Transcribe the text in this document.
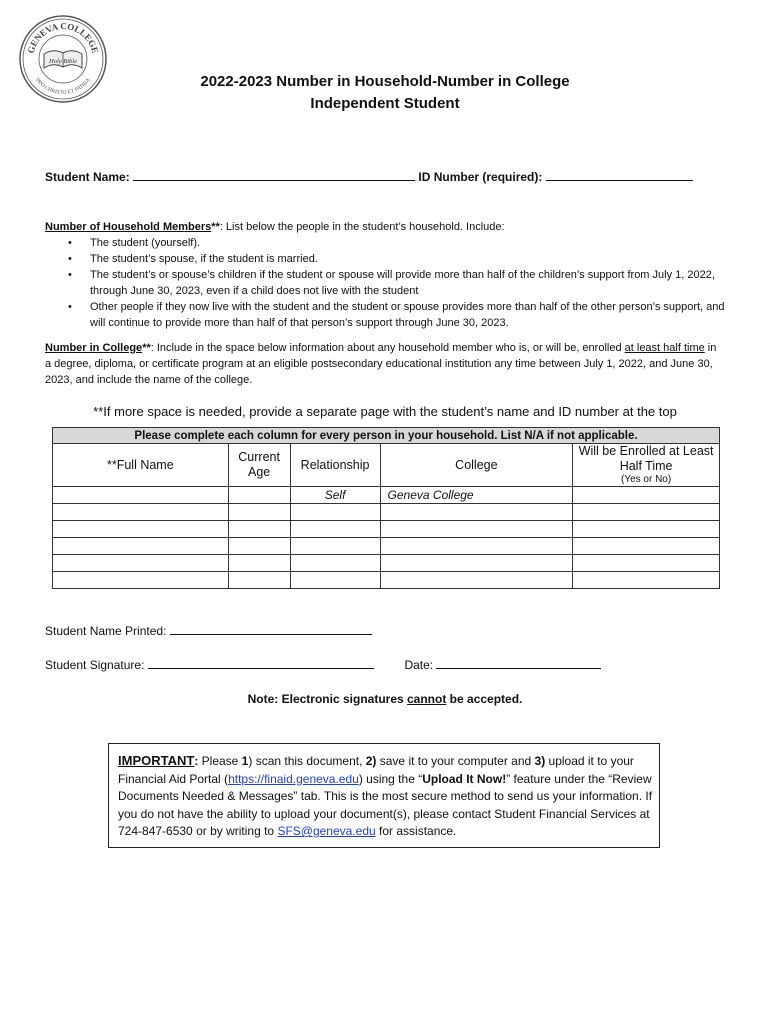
GENEVA COLLEGE
PRO CHRISTO ET PATRIA
Holy Bible
2022-2023 Number in Household-Number in College
Independent Student
Student Name:	ID Number (required):
Number of Household Members**: List below the people in the student’s household. Include:
• The student (yourself).
• The student’s spouse, if the student is married.
• The student’s or spouse’s children if the student or spouse will provide more than half of the children’s support from July 1, 2022, through June 30, 2023, even if a child does not live with the student
• Other people if they now live with the student and the student or spouse provides more than half of the other person’s support, and will continue to provide more than half of that person’s support through June 30, 2023.
Number in College**: Include in the space below information about any household member who is, or will be, enrolled at least half time in a degree, diploma, or certificate program at an eligible postsecondary educational institution any time between July 1, 2022, and June 30, 2023, and include the name of the college.
**If more space is needed, provide a separate page with the student’s name and ID number at the top
Please complete each column for every person in your household. List N/A if not applicable.				
**Full Name	Current Age	Relationship	College	Will be Enrolled at Least Half Time
(Yes or No)

		Self	Geneva College	

Student Name Printed:
Student Signature:	Date:
Note: Electronic signatures cannot be accepted.
IMPORTANT: Please 1) scan this document, 2) save it to your computer and 3) upload it to your Financial Aid Portal (https://finaid.geneva.edu) using the “Upload It Now!” feature under the “Review Documents Needed & Messages” tab. This is the most secure method to send us your information. If you do not have the ability to upload your document(s), please contact Student Financial Services at 724-847-6530 or by writing to SFS@geneva.edu for assistance.
